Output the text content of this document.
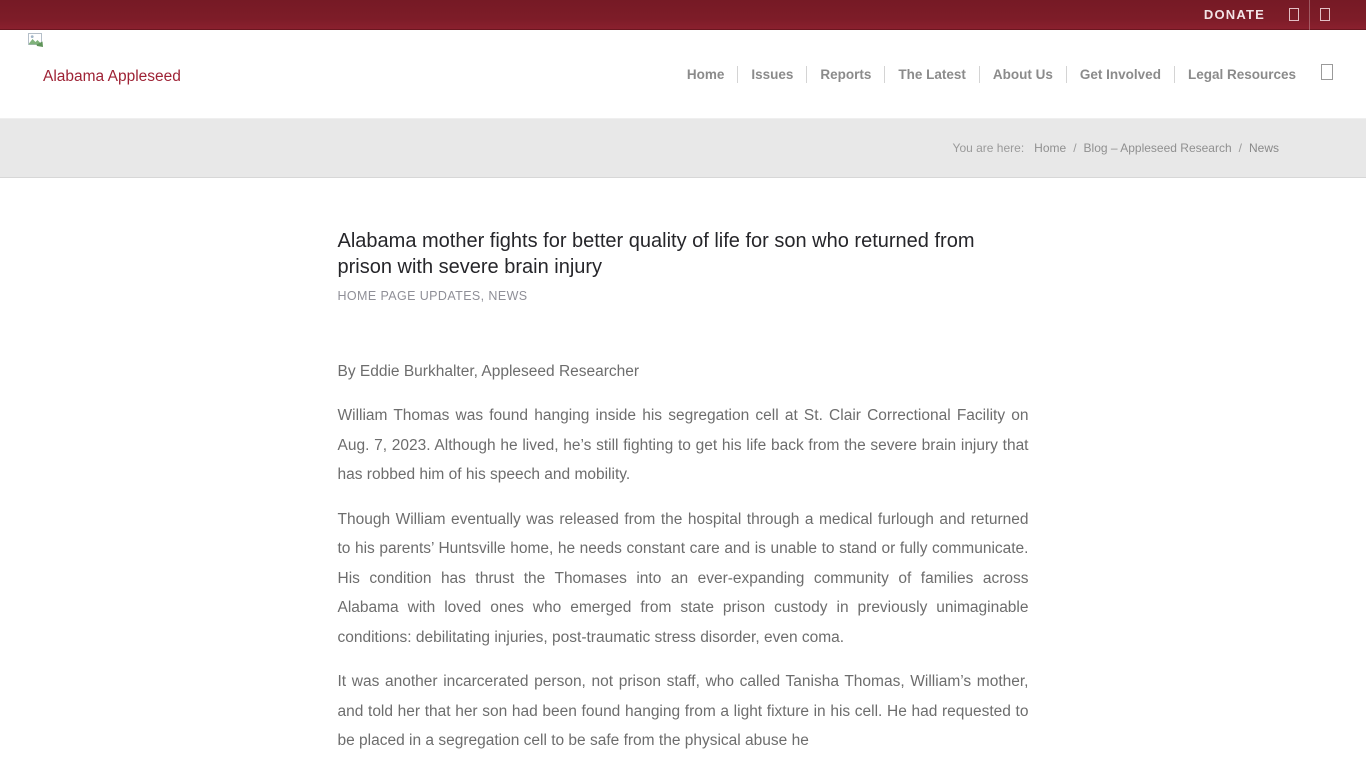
DONATE
Alabama Appleseed	Home	Issues	Reports	The Latest	About Us	Get Involved	Legal Resources
You are here: Home / Blog – Appleseed Research / News
Alabama mother fights for better quality of life for son who returned from prison with severe brain injury
HOME PAGE UPDATES, NEWS

By Eddie Burkhalter, Appleseed Researcher

William Thomas was found hanging inside his segregation cell at St. Clair Correctional Facility on Aug. 7, 2023. Although he lived, he’s still fighting to get his life back from the severe brain injury that has robbed him of his speech and mobility.

Though William eventually was released from the hospital through a medical furlough and returned to his parents’ Huntsville home, he needs constant care and is unable to stand or fully communicate. His condition has thrust the Thomases into an ever-expanding community of families across Alabama with loved ones who emerged from state prison custody in previously unimaginable conditions: debilitating injuries, post-traumatic stress disorder, even coma.

It was another incarcerated person, not prison staff, who called Tanisha Thomas, William’s mother, and told her that her son had been found hanging from a light fixture in his cell. He had requested to be placed in a segregation cell to be safe from the physical abuse he
